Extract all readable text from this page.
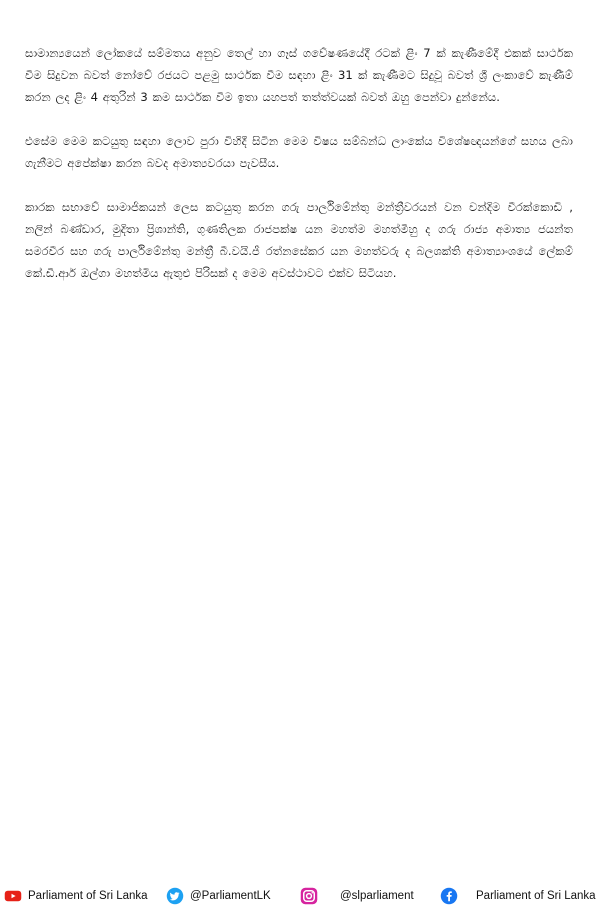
සාමාන්‍යයෙන් ලෝකයේ සම්මතය අනුව තෙල් හා ගෑස් ගවේෂණයේදී රටක් ළිං 7 ක් කැණීමේදී එකක් සාර්ථක වීම සිදුවන බවත් නෝවේ රජයට පළමු සාර්ථක වීම සඳහා ළිං 31 ක් කැණීමට සිදුවූ බවත් ශ්‍රී ලංකාවේ කැණීම් කරන ලද ළිං 4 අතුරින් 3 කම සාර්ථක වීම ඉතා යහපත් තත්ත්වයක් බවත් ඔහු පෙන්වා දුන්නේය.

එසේම මෙම කටයුතු සඳහා ලොව පුරා විහිදී සිටින මෙම විෂය සම්බන්ධ ලාංකේය විශේෂඥයන්ගේ සහය ලබා ගැනීමට අපේක්ෂා කරන බවද අමාත්‍යවරයා පැවසීය.

කාරක සභාවේ සාමාජිකයන් ලෙස කටයුතු කරන ගරු පාර්ලිමේන්තු මන්ත්‍රීවරයන් වන චන්දිම වීරක්කොඩි , නලින් බණ්ඩාර, මුදිතා ප්‍රිශාන්ති, ගුණතිලක රාජපක්ෂ යන මහත්ම මහත්මීහු ද ගරු රාජ්‍ය අමාත්‍ය ජයන්ත සමරවීර සහ ගරු පාර්ලිමේන්තු මන්ත්‍රී බී.වයි.ජී රත්නසේකර යන මහත්වරු ද බලශක්ති අමාත්‍යාංශයේ ලේකම් කේ.ඩී.ආර් ඔල්ගා මහත්මිය ඇතුළු පිරිසක් ද මෙම අවස්ථාවට එක්ව සිටියහ.

Parliament of Sri Lanka	@ParliamentLK	@slparliament	Parliament of Sri Lanka
